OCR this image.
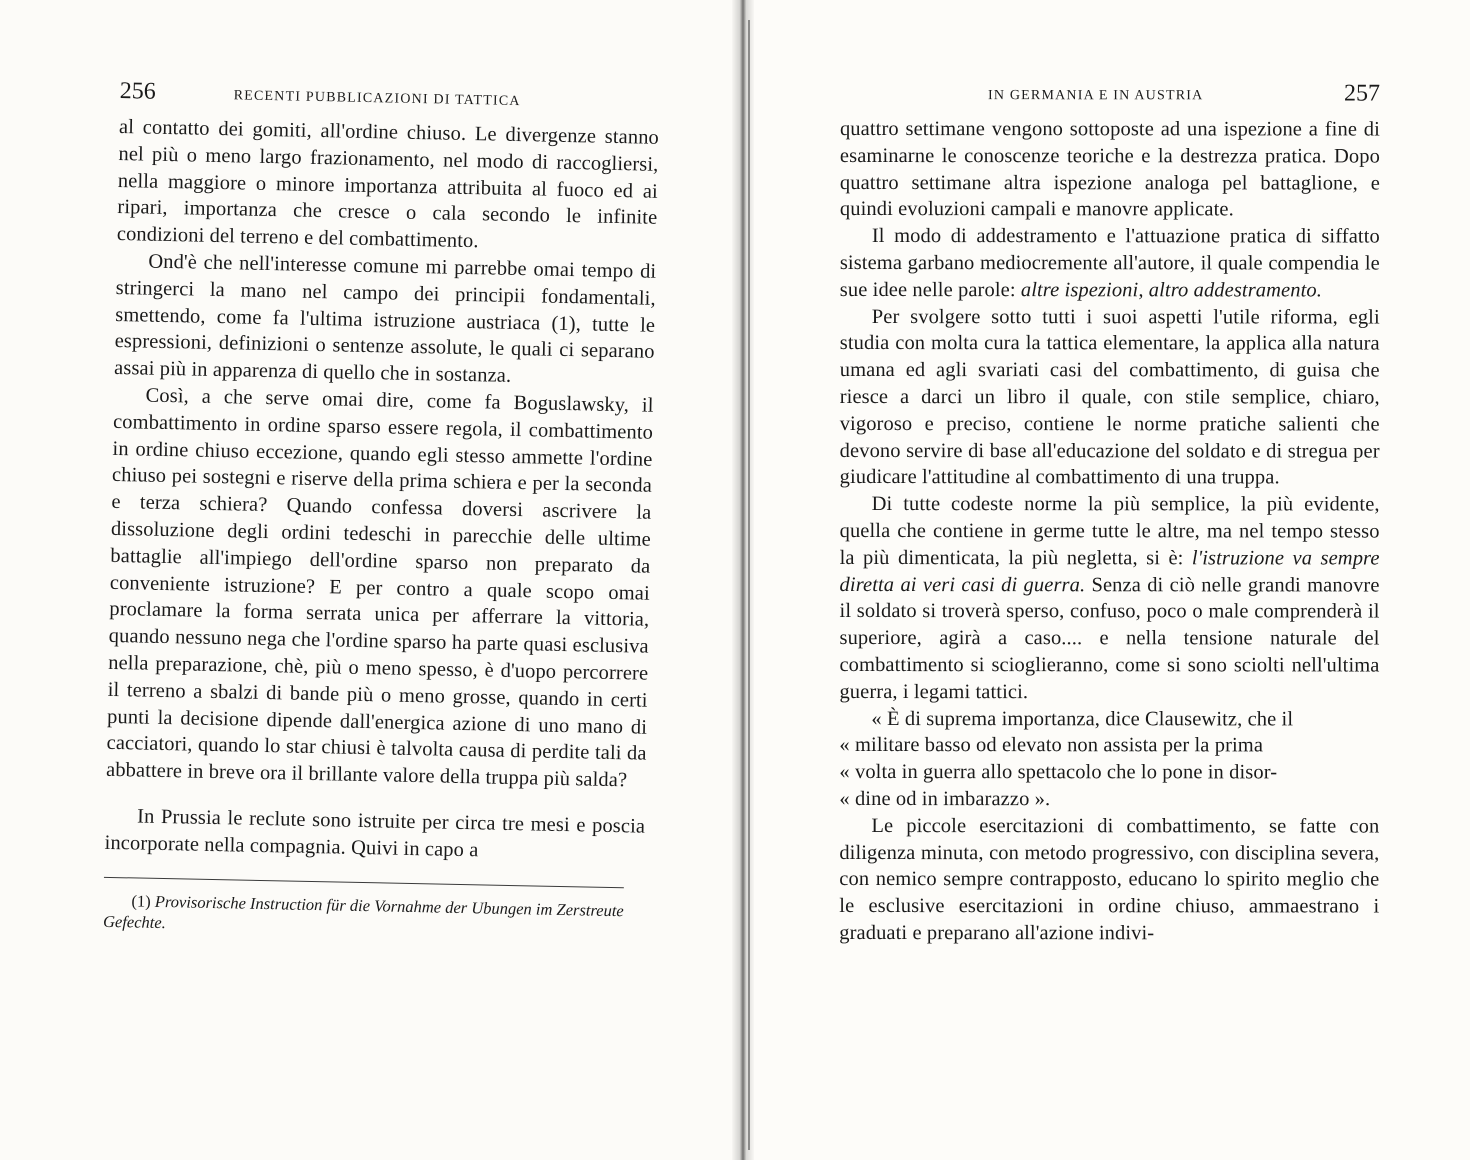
256	RECENTI PUBBLICAZIONI DI TATTICA

al contatto dei gomiti, all'ordine chiuso. Le divergenze stanno nel più o meno largo frazionamento, nel modo di raccogliersi, nella maggiore o minore importanza attribuita al fuoco ed ai ripari, importanza che cresce o cala secondo le infinite condizioni del terreno e del combattimento.

Ond'è che nell'interesse comune mi parrebbe omai tempo di stringerci la mano nel campo dei principii fondamentali, smettendo, come fa l'ultima istruzione austriaca (1), tutte le espressioni, definizioni o sentenze assolute, le quali ci separano assai più in apparenza di quello che in sostanza.

Così, a che serve omai dire, come fa Boguslawsky, il combattimento in ordine sparso essere regola, il combattimento in ordine chiuso eccezione, quando egli stesso ammette l'ordine chiuso pei sostegni e riserve della prima schiera e per la seconda e terza schiera? Quando confessa doversi ascrivere la dissoluzione degli ordini tedeschi in parecchie delle ultime battaglie all'impiego dell'ordine sparso non preparato da conveniente istruzione? E per contro a quale scopo omai proclamare la forma serrata unica per afferrare la vittoria, quando nessuno nega che l'ordine sparso ha parte quasi esclusiva nella preparazione, chè, più o meno spesso, è d'uopo percorrere il terreno a sbalzi di bande più o meno grosse, quando in certi punti la decisione dipende dall'energica azione di uno mano di cacciatori, quando lo star chiusi è talvolta causa di perdite tali da abbattere in breve ora il brillante valore della truppa più salda?

In Prussia le reclute sono istruite per circa tre mesi e poscia incorporate nella compagnia. Quivi in capo a

(1) Provisorische Instruction für die Vornahme der Ubungen im Zerstreute Gefechte.
IN GERMANIA E IN AUSTRIA	257

quattro settimane vengono sottoposte ad una ispezione a fine di esaminarne le conoscenze teoriche e la destrezza pratica. Dopo quattro settimane altra ispezione analoga pel battaglione, e quindi evoluzioni campali e manovre applicate.

Il modo di addestramento e l'attuazione pratica di siffatto sistema garbano mediocremente all'autore, il quale compendia le sue idee nelle parole: altre ispezioni, altro addestramento.

Per svolgere sotto tutti i suoi aspetti l'utile riforma, egli studia con molta cura la tattica elementare, la applica alla natura umana ed agli svariati casi del combattimento, di guisa che riesce a darci un libro il quale, con stile semplice, chiaro, vigoroso e preciso, contiene le norme pratiche salienti che devono servire di base all'educazione del soldato e di stregua per giudicare l'attitudine al combattimento di una truppa.

Di tutte codeste norme la più semplice, la più evidente, quella che contiene in germe tutte le altre, ma nel tempo stesso la più dimenticata, la più negletta, si è: l'istruzione va sempre diretta ai veri casi di guerra. Senza di ciò nelle grandi manovre il soldato si troverà sperso, confuso, poco o male comprenderà il superiore, agirà a caso.... e nella tensione naturale del combattimento si scioglieranno, come si sono sciolti nell'ultima guerra, i legami tattici.

« È di suprema importanza, dice Clausewitz, che il
« militare basso od elevato non assista per la prima
« volta in guerra allo spettacolo che lo pone in disor-
« dine od in imbarazzo ».

Le piccole esercitazioni di combattimento, se fatte con diligenza minuta, con metodo progressivo, con disciplina severa, con nemico sempre contrapposto, educano lo spirito meglio che le esclusive esercitazioni in ordine chiuso, ammaestrano i graduati e preparano all'azione indivi-
